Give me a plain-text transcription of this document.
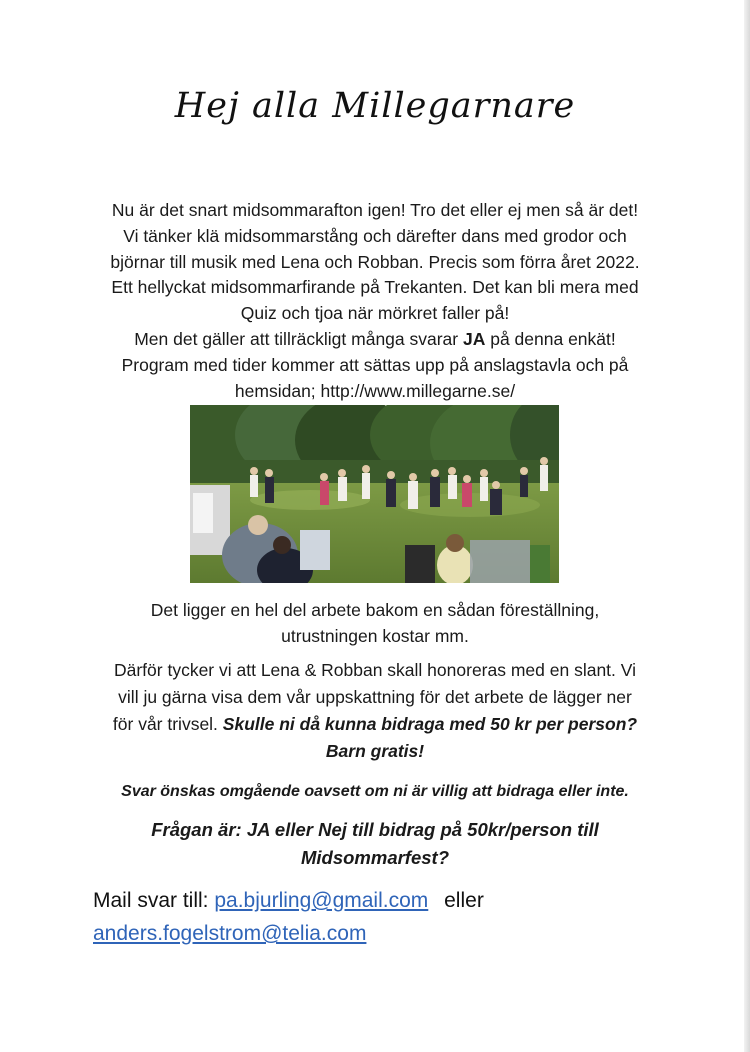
Hej alla Millegarnare

Nu är det snart midsommarafton igen! Tro det eller ej men så är det!

Vi tänker klä midsommarstång och därefter dans med grodor och

björnar till musik med Lena och Robban. Precis som förra året 2022.

Ett hellyckat midsommarfirande på Trekanten. Det kan bli mera med

Quiz och tjoa när mörkret faller på!

Men det gäller att tillräckligt många svarar JA på denna enkät!

Program med tider kommer att sättas upp på anslagstavla och på

hemsidan; http://www.millegarne.se/

Det ligger en hel del arbete bakom en sådan föreställning,

utrustningen kostar mm.

Därför tycker vi att Lena & Robban skall honoreras med en slant. Vi

vill ju gärna visa dem vår uppskattning för det arbete de lägger ner

för vår trivsel. Skulle ni då kunna bidraga med 50 kr per person?

Barn gratis!

Svar önskas omgående oavsett om ni är villig att bidraga eller inte.

Frågan är: JA eller Nej till bidrag på 50kr/person till

Midsommarfest?

Mail svar till: pa.bjurling@gmail.com eller
anders.fogelstrom@telia.com
